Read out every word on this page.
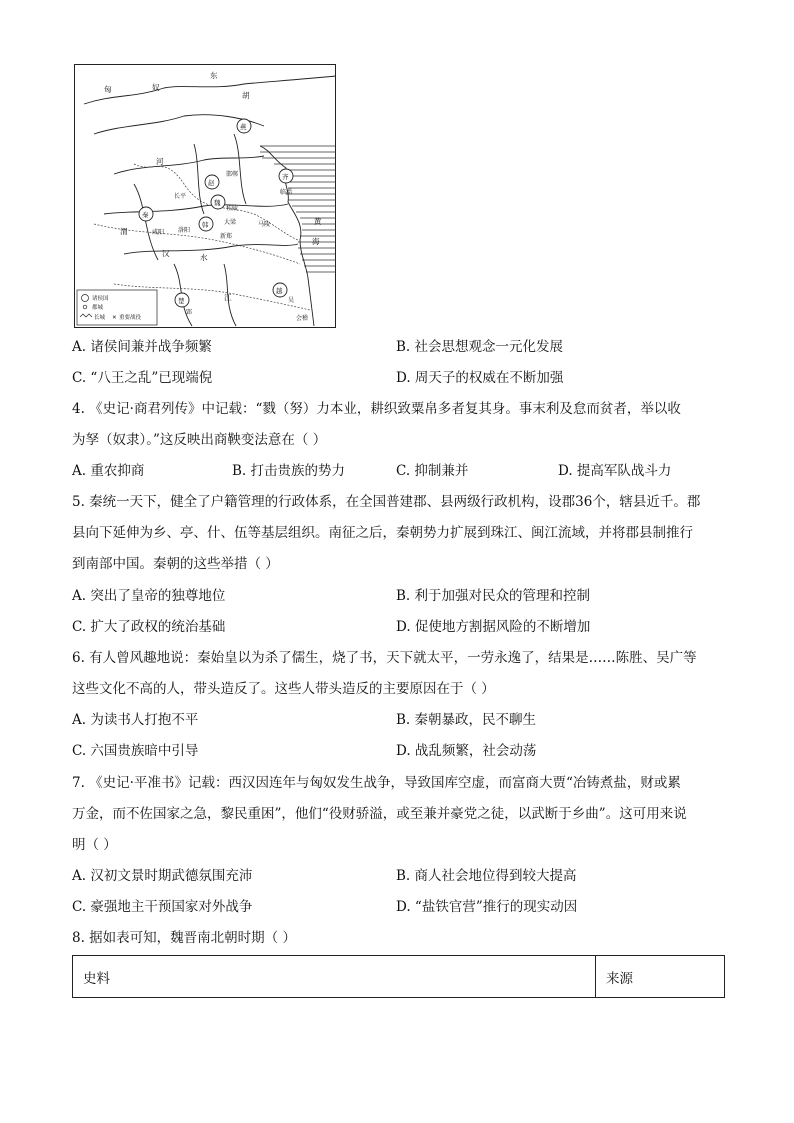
东
匈	奴
胡
燕
齐
赵
魏
韩
秦
楚
越
邯郸
临淄
长平
大梁
洛阳
咸阳
桂陵
马陵
新郑
郢
吴
渭
水
汉
江
河
海
黄
会稽
诸侯国
都城
长城 ✕ 重要战役
A. 诸侯间兼并战争频繁	B. 社会思想观念一元化发展
C. “八王之乱”已现端倪	D. 周天子的权威在不断加强
4. 《史记·商君列传》中记载：“戮（努）力本业，耕织致粟帛多者复其身。事末利及怠而贫者，举以收
为孥（奴隶）。”这反映出商鞅变法意在（ ）
A. 重农抑商	B. 打击贵族的势力	C. 抑制兼并	D. 提高军队战斗力
5. 秦统一天下，健全了户籍管理的行政体系，在全国普建郡、县两级行政机构，设郡36个，辖县近千。郡
县向下延伸为乡、亭、什、伍等基层组织。南征之后，秦朝势力扩展到珠江、闽江流域，并将郡县制推行
到南部中国。秦朝的这些举措（ ）
A. 突出了皇帝的独尊地位	B. 利于加强对民众的管理和控制
C. 扩大了政权的统治基础	D. 促使地方割据风险的不断增加
6. 有人曾风趣地说：秦始皇以为杀了儒生，烧了书，天下就太平，一劳永逸了，结果是……陈胜、吴广等
这些文化不高的人，带头造反了。这些人带头造反的主要原因在于（ ）
A. 为读书人打抱不平	B. 秦朝暴政，民不聊生
C. 六国贵族暗中引导	D. 战乱频繁，社会动荡
7. 《史记·平准书》记载：西汉因连年与匈奴发生战争，导致国库空虚，而富商大贾“冶铸煮盐，财或累
万金，而不佐国家之急，黎民重困”，他们“役财骄溢，或至兼并豪党之徒，以武断于乡曲”。这可用来说
明（ ）
A. 汉初文景时期武德氛围充沛	B. 商人社会地位得到较大提高
C. 豪强地主干预国家对外战争	D. “盐铁官营”推行的现实动因
8. 据如表可知，魏晋南北朝时期（ ）
史料	来源
